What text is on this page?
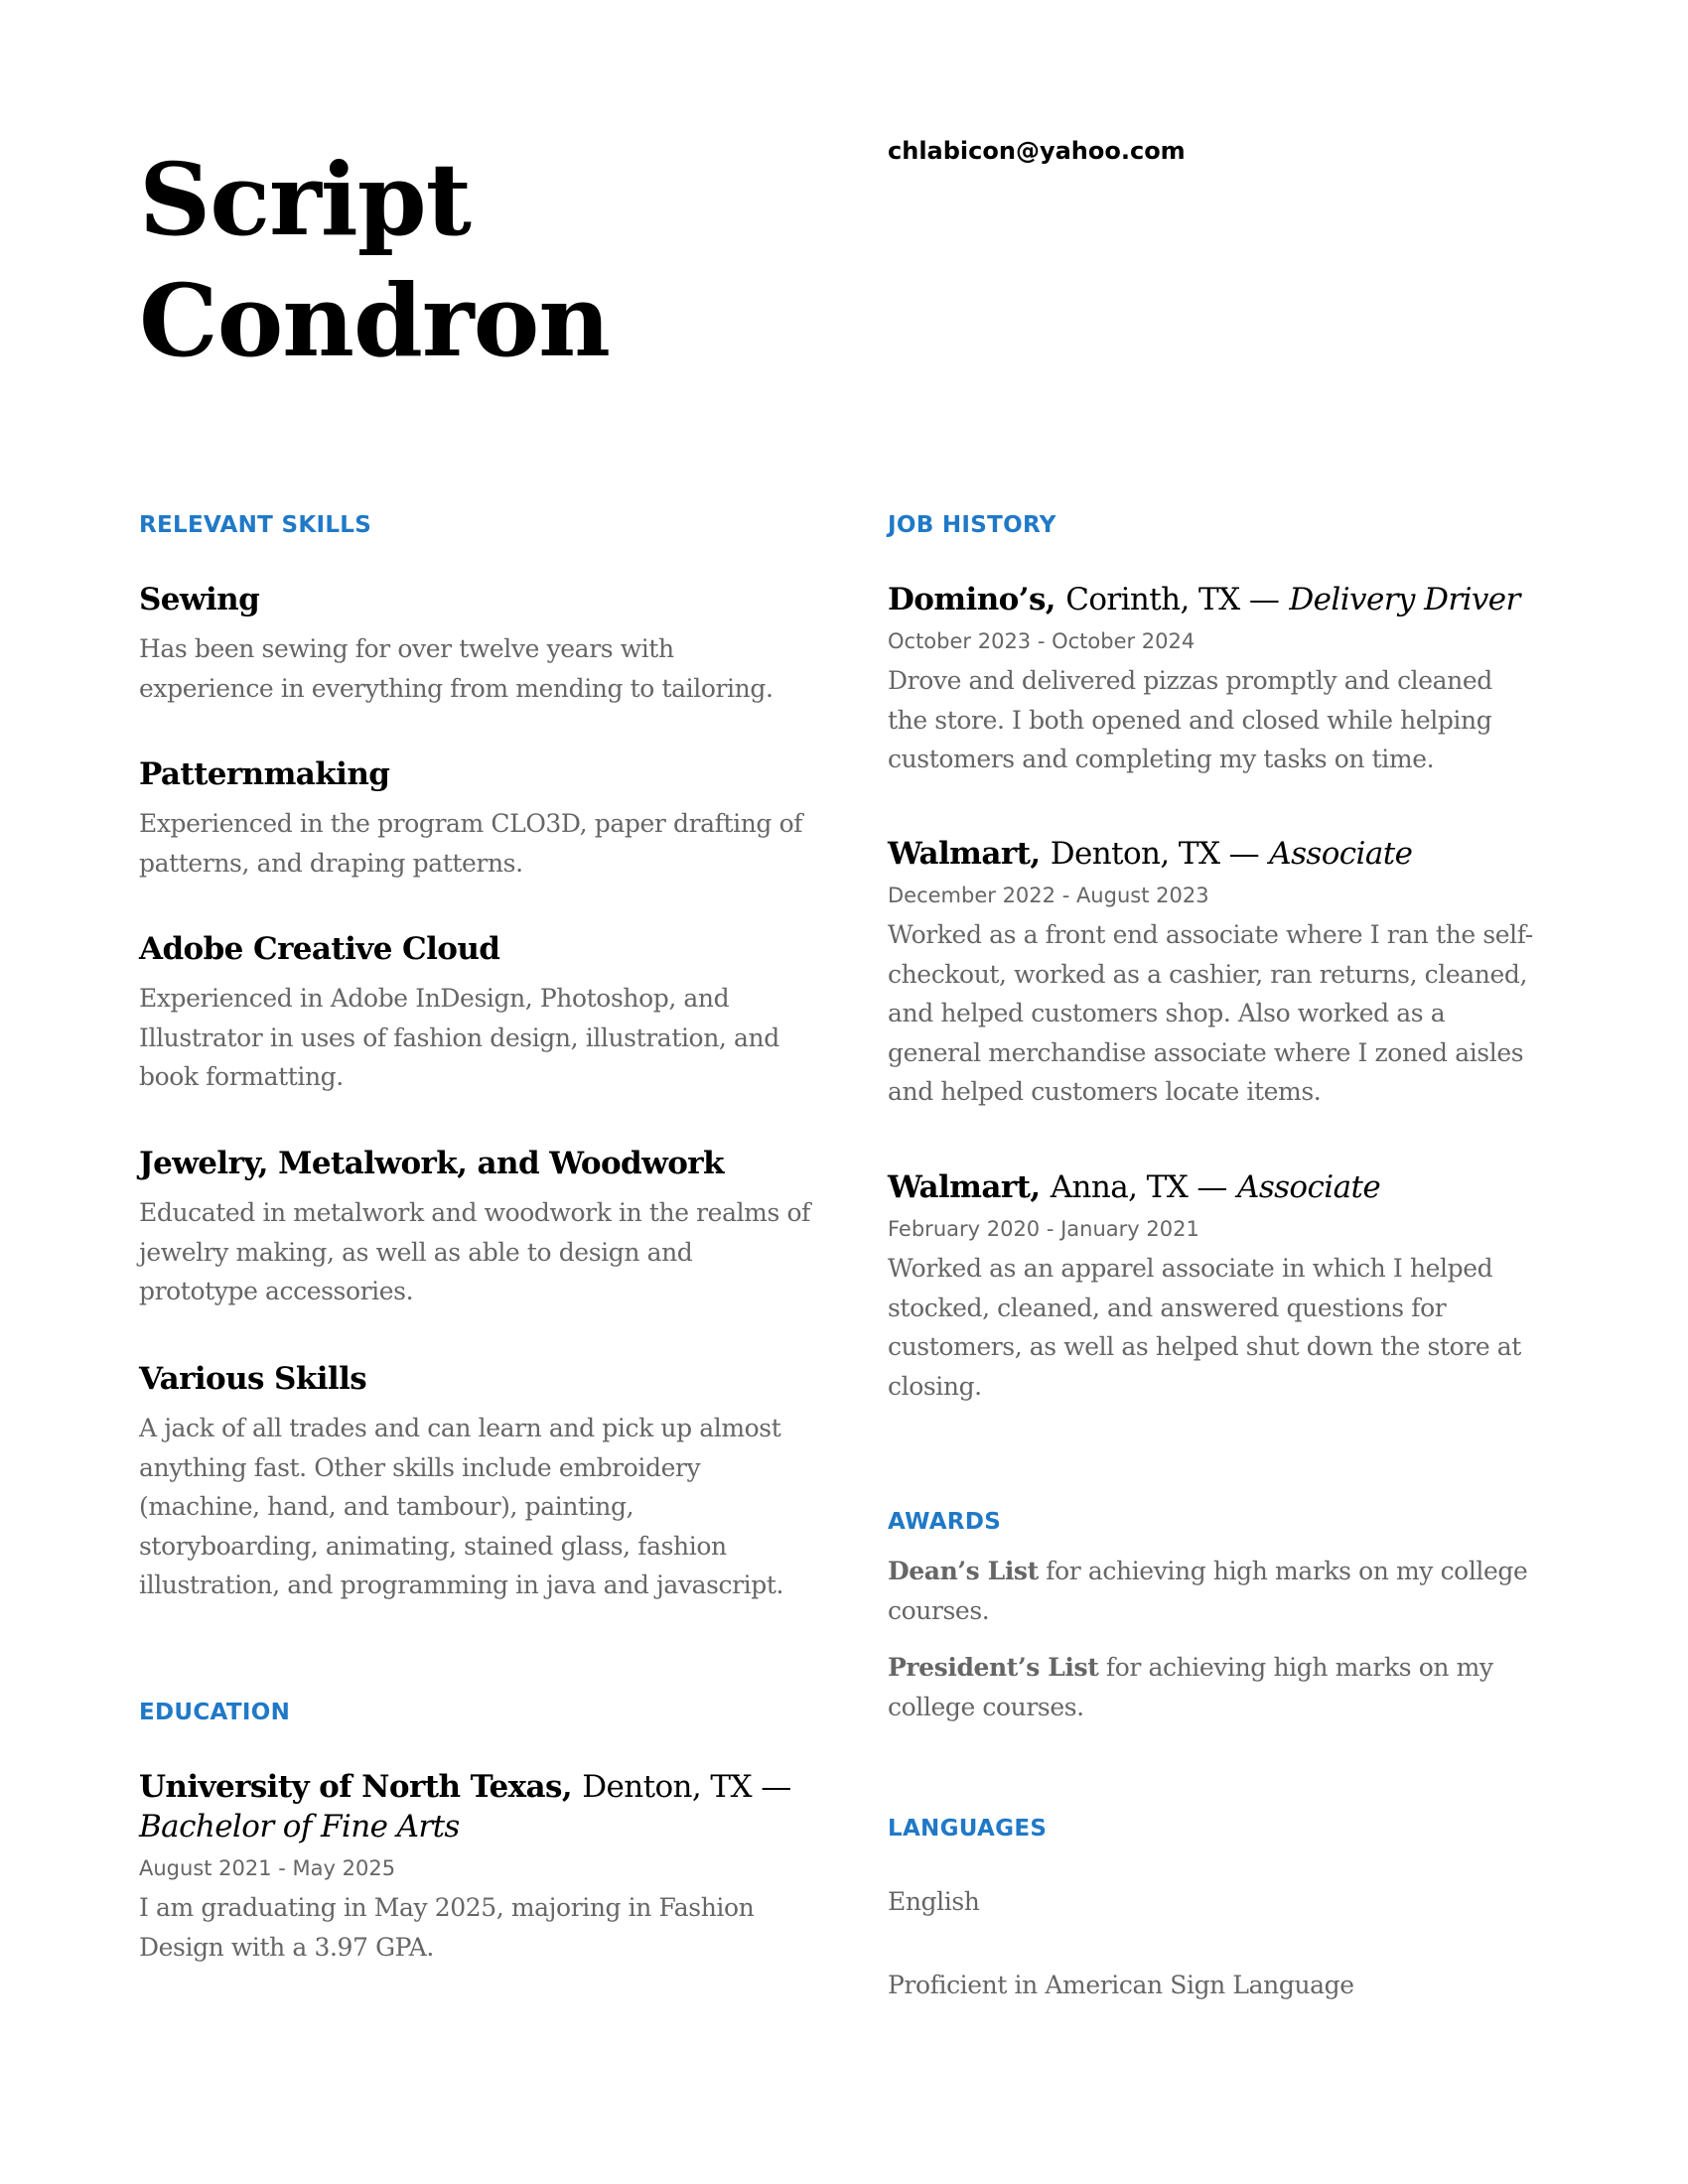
Script
Condron
chlabicon@yahoo.com
RELEVANT SKILLS
Sewing

Has been sewing for over twelve years with experience in everything from mending to tailoring.

Patternmaking

Experienced in the program CLO3D, paper drafting of patterns, and draping patterns.

Adobe Creative Cloud

Experienced in Adobe InDesign, Photoshop, and Illustrator in uses of fashion design, illustration, and book formatting.

Jewelry, Metalwork, and Woodwork

Educated in metalwork and woodwork in the realms of jewelry making, as well as able to design and prototype accessories.

Various Skills

A jack of all trades and can learn and pick up almost anything fast. Other skills include embroidery (machine, hand, and tambour), painting, storyboarding, animating, stained glass, fashion illustration, and programming in java and javascript.

EDUCATION
University of North Texas, Denton, TX —
Bachelor of Fine Arts

August 2021 - May 2025

I am graduating in May 2025, majoring in Fashion Design with a 3.97 GPA.

JOB HISTORY
Domino’s, Corinth, TX — Delivery Driver

October 2023 - October 2024

Drove and delivered pizzas promptly and cleaned the store. I both opened and closed while helping customers and completing my tasks on time.

Walmart, Denton, TX — Associate

December 2022 - August 2023

Worked as a front end associate where I ran the self-checkout, worked as a cashier, ran returns, cleaned, and helped customers shop. Also worked as a general merchandise associate where I zoned aisles and helped customers locate items.

Walmart, Anna, TX — Associate

February 2020 - January 2021

Worked as an apparel associate in which I helped stocked, cleaned, and answered questions for customers, as well as helped shut down the store at closing.

AWARDS

Dean’s List for achieving high marks on my college courses.

President’s List for achieving high marks on my college courses.

LANGUAGES

English

Proficient in American Sign Language
